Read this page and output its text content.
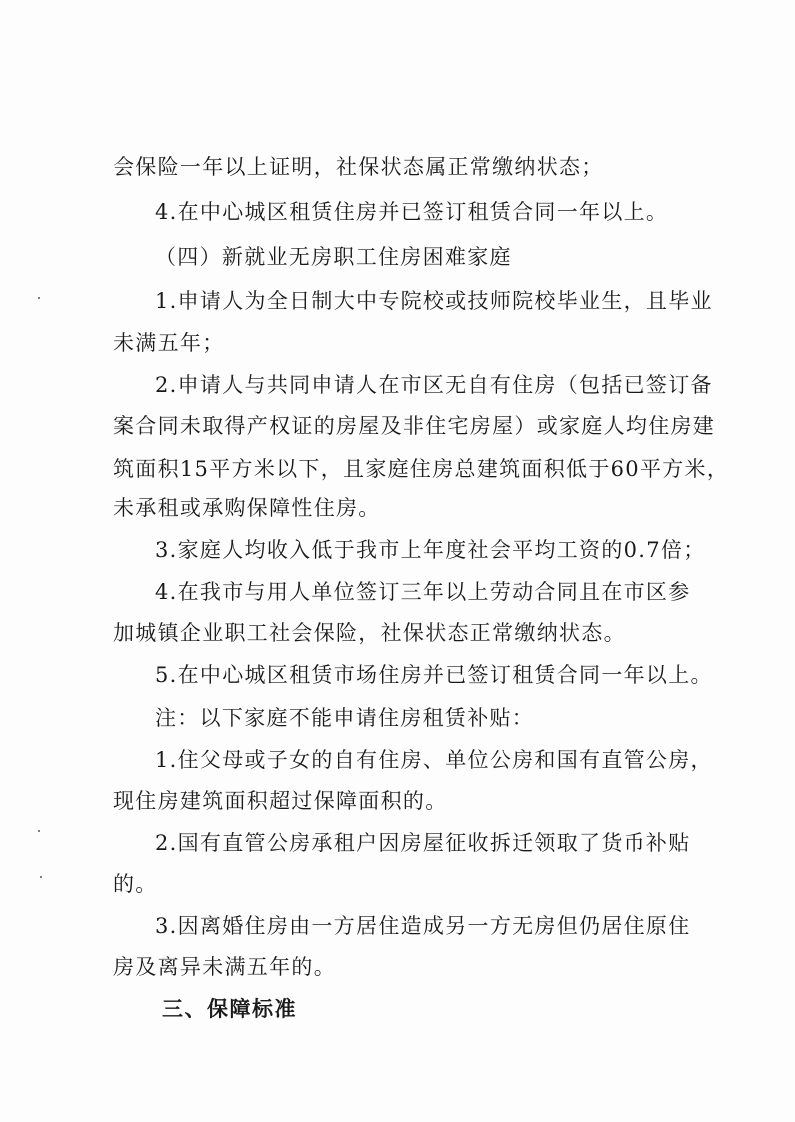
会保险一年以上证明，社保状态属正常缴纳状态；
4.在中心城区租赁住房并已签订租赁合同一年以上。
（四）新就业无房职工住房困难家庭
1.申请人为全日制大中专院校或技师院校毕业生，且毕业
未满五年；
2.申请人与共同申请人在市区无自有住房（包括已签订备
案合同未取得产权证的房屋及非住宅房屋）或家庭人均住房建
筑面积15平方米以下，且家庭住房总建筑面积低于60平方米，
未承租或承购保障性住房。
3.家庭人均收入低于我市上年度社会平均工资的0.7倍；
4.在我市与用人单位签订三年以上劳动合同且在市区参
加城镇企业职工社会保险，社保状态正常缴纳状态。
5.在中心城区租赁市场住房并已签订租赁合同一年以上。
注：以下家庭不能申请住房租赁补贴：
1.住父母或子女的自有住房、单位公房和国有直管公房，
现住房建筑面积超过保障面积的。
2.国有直管公房承租户因房屋征收拆迁领取了货币补贴
的。
3.因离婚住房由一方居住造成另一方无房但仍居住原住
房及离异未满五年的。
三、保障标准
